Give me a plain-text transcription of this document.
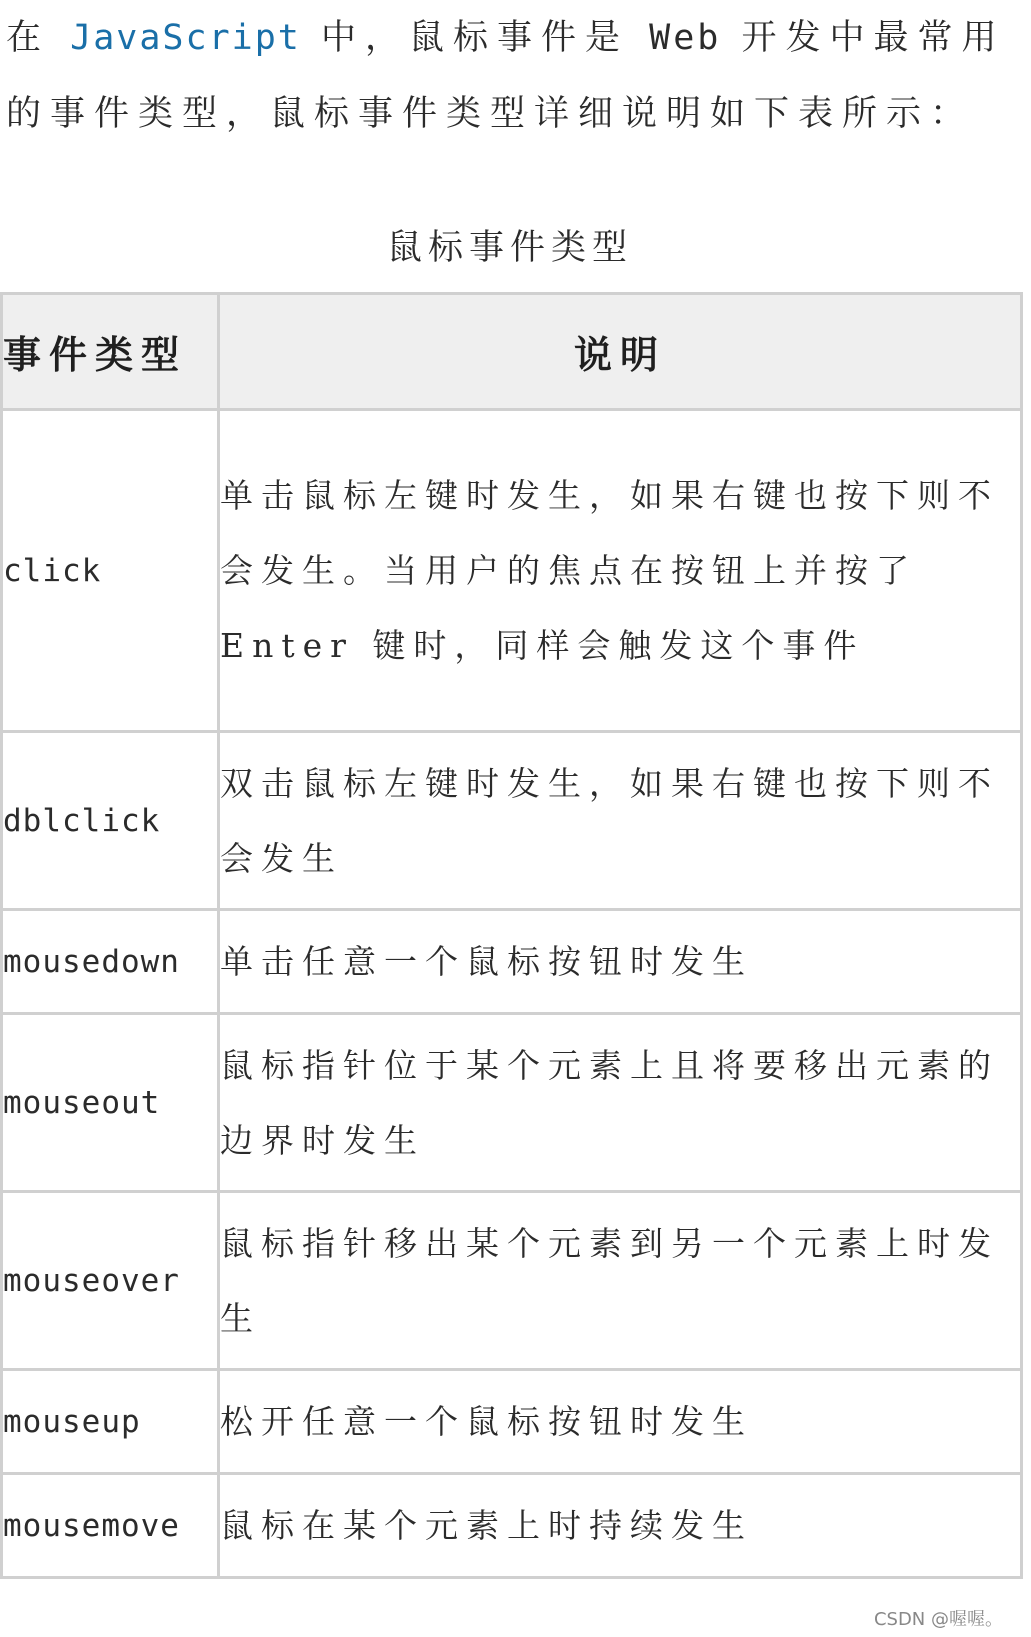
在 JavaScript 中，鼠标事件是 Web 开发中最常用的事件类型，鼠标事件类型详细说明如下表所示：

鼠标事件类型

事件类型	说明
click	单击鼠标左键时发生，如果右键也按下则不会发生。当用户的焦点在按钮上并按了 Enter 键时，同样会触发这个事件
dblclick	双击鼠标左键时发生，如果右键也按下则不会发生
mousedown	单击任意一个鼠标按钮时发生
mouseout	鼠标指针位于某个元素上且将要移出元素的边界时发生
mouseover	鼠标指针移出某个元素到另一个元素上时发生
mouseup	松开任意一个鼠标按钮时发生
mousemove	鼠标在某个元素上时持续发生
CSDN @喔喔。
